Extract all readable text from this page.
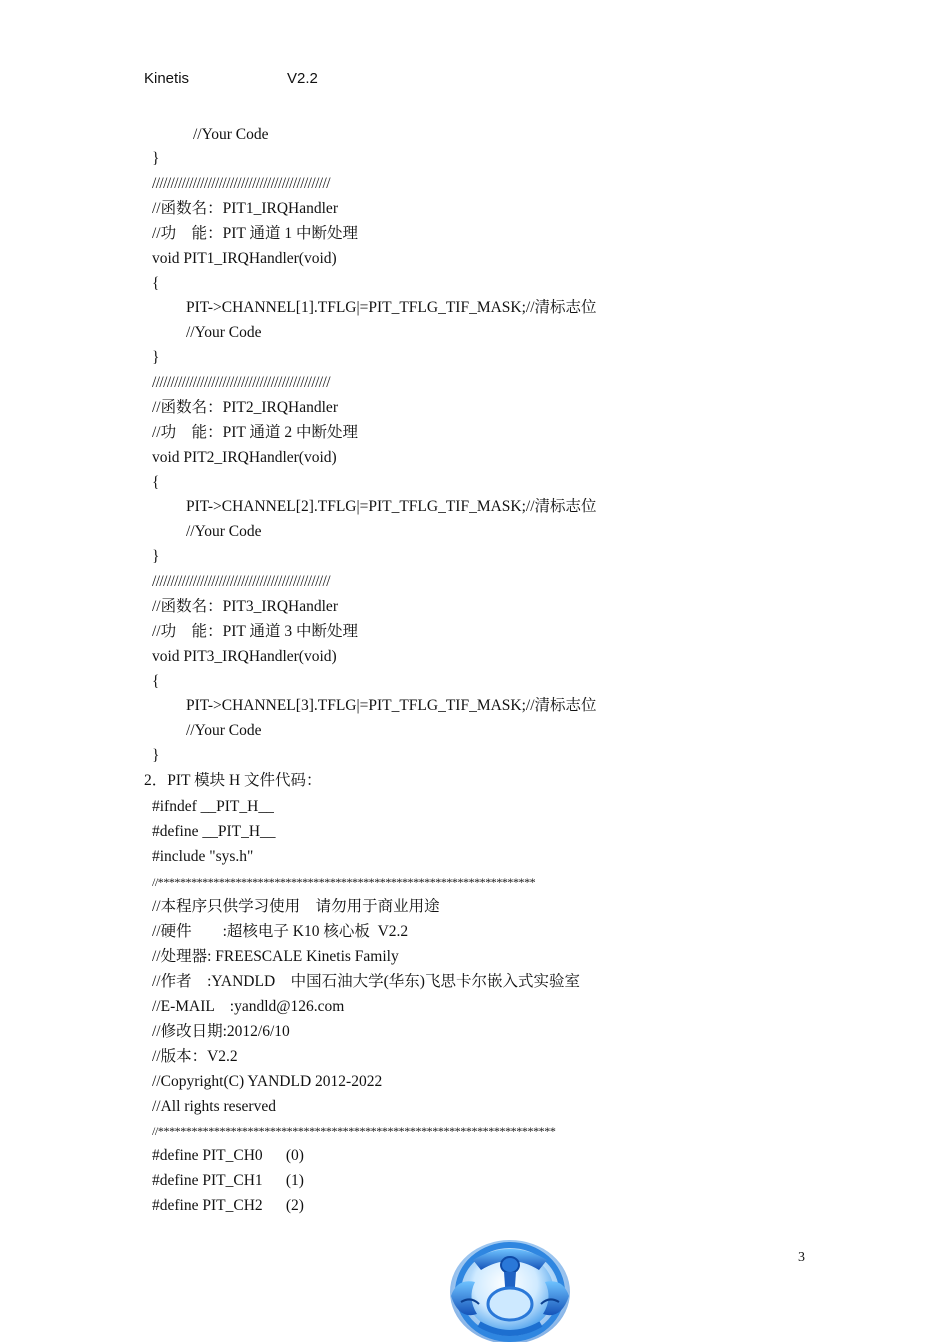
Kinetis	V2.2
//Your Code
}
////////////////////////////////////////////////
//函数名：PIT1_IRQHandler
//功　能：PIT 通道 1 中断处理
void PIT1_IRQHandler(void)
{
PIT->CHANNEL[1].TFLG|=PIT_TFLG_TIF_MASK;//清标志位
//Your Code
}
////////////////////////////////////////////////
//函数名：PIT2_IRQHandler
//功　能：PIT 通道 2 中断处理
void PIT2_IRQHandler(void)
{
PIT->CHANNEL[2].TFLG|=PIT_TFLG_TIF_MASK;//清标志位
//Your Code
}
////////////////////////////////////////////////
//函数名：PIT3_IRQHandler
//功　能：PIT 通道 3 中断处理
void PIT3_IRQHandler(void)
{
PIT->CHANNEL[3].TFLG|=PIT_TFLG_TIF_MASK;//清标志位
//Your Code
}
2．PIT 模块 H 文件代码：
#ifndef __PIT_H__
#define __PIT_H__
#include "sys.h"
//********************************************************************
//本程序只供学习使用　请勿用于商业用途
//硬件　　:超核电子 K10 核心板  V2.2
//处理器: FREESCALE Kinetis Family
//作者　:YANDLD　中国石油大学(华东)飞思卡尔嵌入式实验室
//E-MAIL　:yandld@126.com
//修改日期:2012/6/10
//版本：V2.2
//Copyright(C) YANDLD 2012-2022
//All rights reserved
//***********************************************************************
#define PIT_CH0      (0)
#define PIT_CH1      (1)
#define PIT_CH2      (2)
3
